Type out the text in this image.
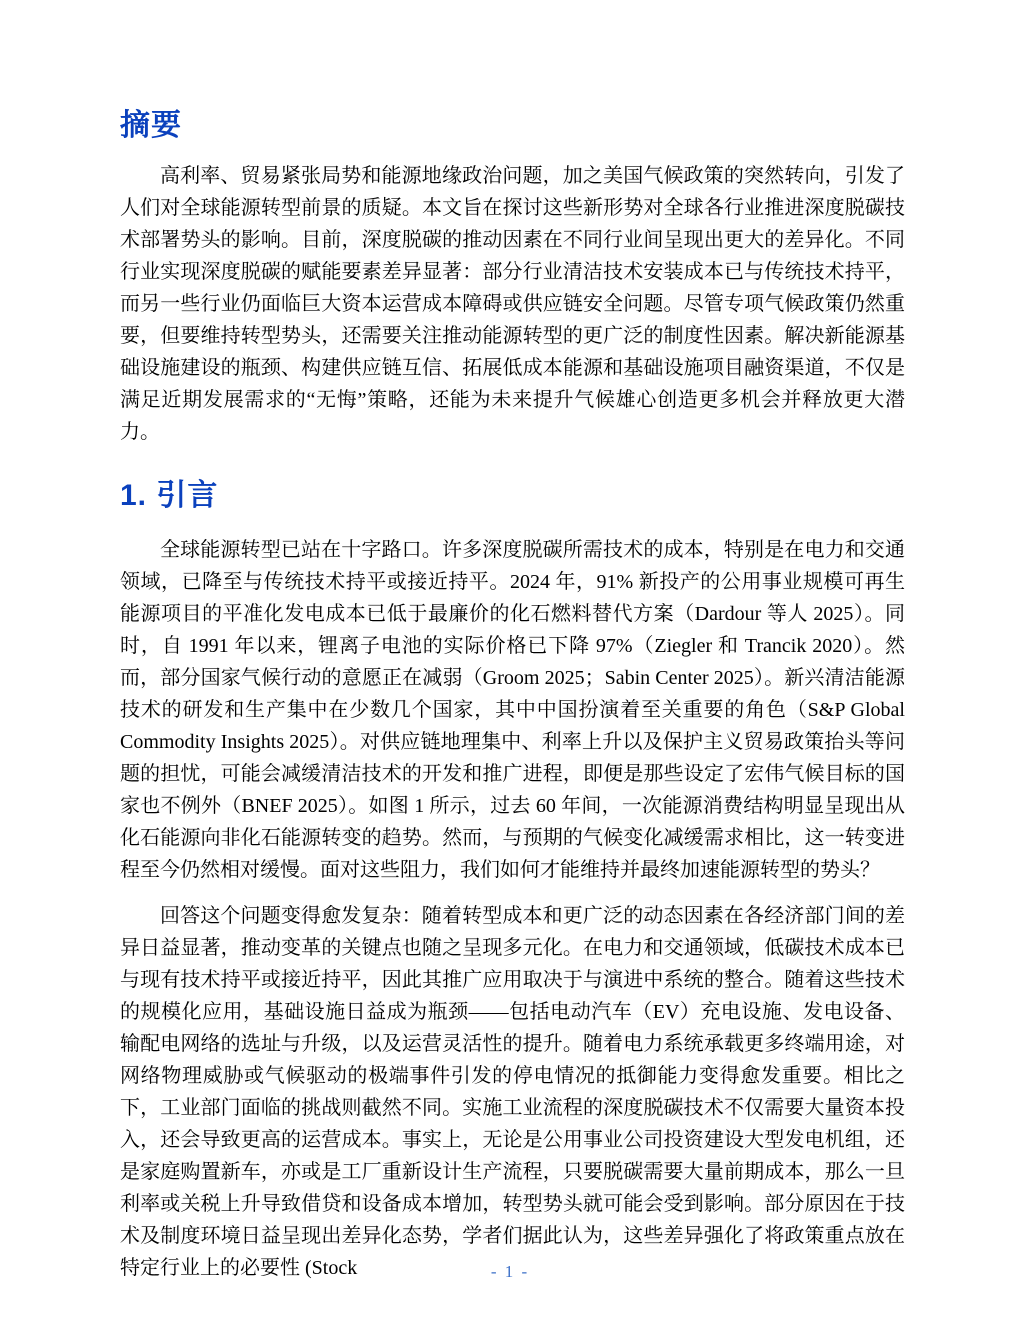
摘要

高利率、贸易紧张局势和能源地缘政治问题，加之美国气候政策的突然转向，引发了人们对全球能源转型前景的质疑。本文旨在探讨这些新形势对全球各行业推进深度脱碳技术部署势头的影响。目前，深度脱碳的推动因素在不同行业间呈现出更大的差异化。不同行业实现深度脱碳的赋能要素差异显著：部分行业清洁技术安装成本已与传统技术持平，而另一些行业仍面临巨大资本运营成本障碍或供应链安全问题。尽管专项气候政策仍然重要，但要维持转型势头，还需要关注推动能源转型的更广泛的制度性因素。解决新能源基础设施建设的瓶颈、构建供应链互信、拓展低成本能源和基础设施项目融资渠道，不仅是满足近期发展需求的“无悔”策略，还能为未来提升气候雄心创造更多机会并释放更大潜力。

1. 引言

全球能源转型已站在十字路口。许多深度脱碳所需技术的成本，特别是在电力和交通领域，已降至与传统技术持平或接近持平。2024 年，91% 新投产的公用事业规模可再生能源项目的平准化发电成本已低于最廉价的化石燃料替代方案（Dardour 等人 2025）。同时，自 1991 年以来，锂离子电池的实际价格已下降 97%（Ziegler 和 Trancik 2020）。然而，部分国家气候行动的意愿正在减弱（Groom 2025；Sabin Center 2025）。新兴清洁能源技术的研发和生产集中在少数几个国家，其中中国扮演着至关重要的角色（S&P Global Commodity Insights 2025）。对供应链地理集中、利率上升以及保护主义贸易政策抬头等问题的担忧，可能会减缓清洁技术的开发和推广进程，即便是那些设定了宏伟气候目标的国家也不例外（BNEF 2025）。如图 1 所示，过去 60 年间，一次能源消费结构明显呈现出从化石能源向非化石能源转变的趋势。然而，与预期的气候变化减缓需求相比，这一转变进程至今仍然相对缓慢。面对这些阻力，我们如何才能维持并最终加速能源转型的势头？

回答这个问题变得愈发复杂：随着转型成本和更广泛的动态因素在各经济部门间的差异日益显著，推动变革的关键点也随之呈现多元化。在电力和交通领域，低碳技术成本已与现有技术持平或接近持平，因此其推广应用取决于与演进中系统的整合。随着这些技术的规模化应用，基础设施日益成为瓶颈——包括电动汽车（EV）充电设施、发电设备、输配电网络的选址与升级，以及运营灵活性的提升。随着电力系统承载更多终端用途，对网络物理威胁或气候驱动的极端事件引发的停电情况的抵御能力变得愈发重要。相比之下，工业部门面临的挑战则截然不同。实施工业流程的深度脱碳技术不仅需要大量资本投入，还会导致更高的运营成本。事实上，无论是公用事业公司投资建设大型发电机组，还是家庭购置新车，亦或是工厂重新设计生产流程，只要脱碳需要大量前期成本，那么一旦利率或关税上升导致借贷和设备成本增加，转型势头就可能会受到影响。部分原因在于技术及制度环境日益呈现出差异化态势，学者们据此认为，这些差异强化了将政策重点放在特定行业上的必要性 (Stock	- 1 -
